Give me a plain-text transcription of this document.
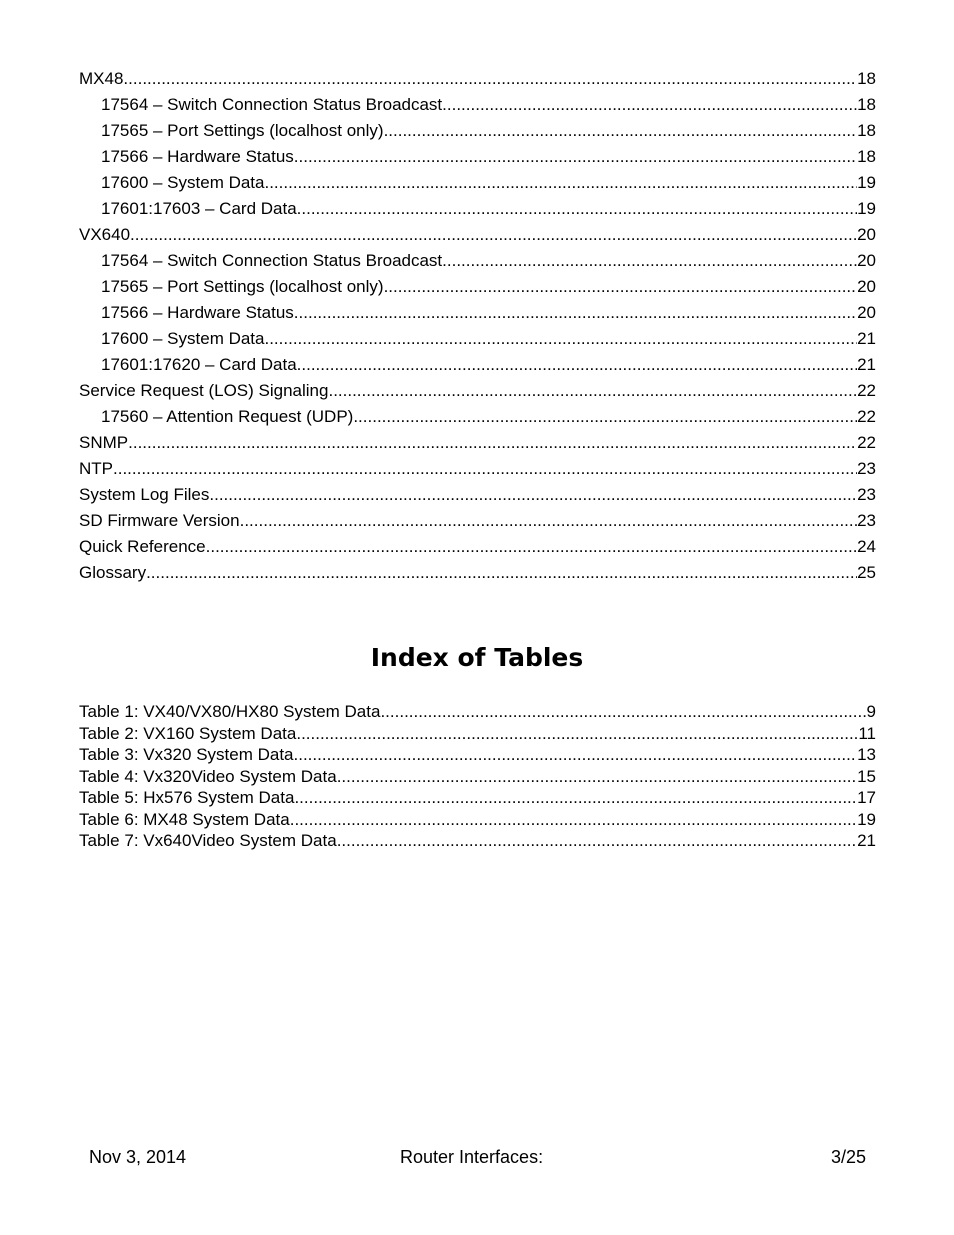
MX48 .....	18
17564 – Switch Connection Status Broadcast .....	18
17565 – Port Settings (localhost only) .....	18
17566 – Hardware Status .....	18
17600 – System Data .....	19
17601:17603 – Card Data .....	19
VX640 .....	20
17564 – Switch Connection Status Broadcast .....	20
17565 – Port Settings (localhost only) .....	20
17566 – Hardware Status .....	20
17600 – System Data .....	21
17601:17620 – Card Data .....	21
Service Request (LOS) Signaling .....	22
17560 – Attention Request (UDP) .....	22
SNMP .....	22
NTP .....	23
System Log Files .....	23
SD Firmware Version .....	23
Quick Reference .....	24
Glossary .....	25
Index of Tables
Table 1: VX40/VX80/HX80 System Data .....	9
Table 2: VX160 System Data .....	11
Table 3: Vx320 System Data .....	13
Table 4: Vx320Video System Data .....	15
Table 5: Hx576 System Data .....	17
Table 6: MX48 System Data .....	19
Table 7: Vx640Video System Data .....	21
Nov 3, 2014	Router Interfaces:	3/25
